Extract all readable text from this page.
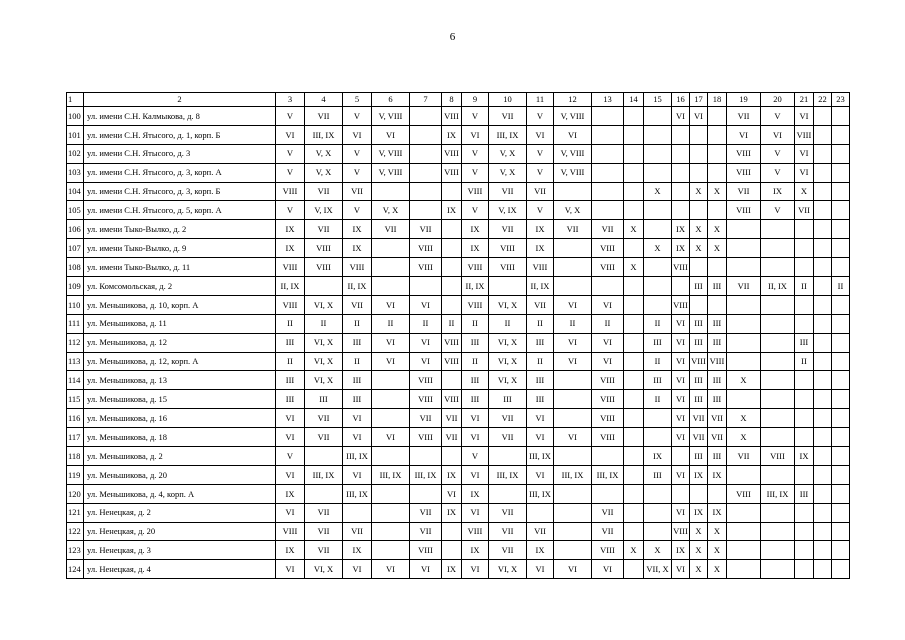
6
1	2	3	4	5	6	7	8	9	10	11	12	13	14	15	16	17	18	19	20	21	22	23
100	ул. имени С.Н. Калмыкова, д. 8	V	VII	V	V, VIII		VIII	V	VII	V	V, VIII				VI	VI		VII	V	VI		
101	ул. имени С.Н. Ятысого, д. 1, корп. Б	VI	III, IX	VI	VI		IX	VI	III, IX	VI	VI							VI	VI	VIII		
102	ул. имени С.Н. Ятысого, д. 3	V	V, X	V	V, VIII		VIII	V	V, X	V	V, VIII							VIII	V	VI		
103	ул. имени С.Н. Ятысого, д. 3, корп. А	V	V, X	V	V, VIII		VIII	V	V, X	V	V, VIII							VIII	V	VI		
104	ул. имени С.Н. Ятысого, д. 3, корп. Б	VIII	VII	VII				VIII	VII	VII				X		X	X	VII	IX	X		
105	ул. имени С.Н. Ятысого, д. 5, корп. А	V	V, IX	V	V, X		IX	V	V, IX	V	V, X							VIII	V	VII		
106	ул. имени Тыко-Вылко, д. 2	IX	VII	IX	VII	VII		IX	VII	IX	VII	VII	X		IX	X	X					
107	ул. имени Тыко-Вылко, д. 9	IX	VIII	IX		VIII		IX	VIII	IX		VIII		X	IX	X	X					
108	ул. имени Тыко-Вылко, д. 11	VIII	VIII	VIII		VIII		VIII	VIII	VIII		VIII	X		VIII							
109	ул. Комсомольская, д. 2	II, IX		II, IX				II, IX		II, IX						III	III	VII	II, IX	II		II
110	ул. Меньшикова, д. 10, корп. А	VIII	VI, X	VII	VI	VI		VIII	VI, X	VII	VI	VI			VIII							
111	ул. Меньшикова, д. 11	II	II	II	II	II	II	II	II	II	II	II		II	VI	III	III					
112	ул. Меньшикова, д. 12	III	VI, X	III	VI	VI	VIII	III	VI, X	III	VI	VI		III	VI	III	III			III		
113	ул. Меньшикова, д. 12, корп. А	II	VI, X	II	VI	VI	VIII	II	VI, X	II	VI	VI		II	VI	VIII	VIII			II		
114	ул. Меньшикова, д. 13	III	VI, X	III		VIII		III	VI, X	III		VIII		III	VI	III	III	X				
115	ул. Меньшикова, д. 15	III	III	III		VIII	VIII	III	III	III		VIII		II	VI	III	III					
116	ул. Меньшикова, д. 16	VI	VII	VI		VII	VII	VI	VII	VI		VIII			VI	VII	VII	X				
117	ул. Меньшикова, д. 18	VI	VII	VI	VI	VIII	VII	VI	VII	VI	VI	VIII			VI	VII	VII	X				
118	ул. Меньшикова, д. 2	V		III, IX				V		III, IX				IX		III	III	VII	VIII	IX		
119	ул. Меньшикова, д. 20	VI	III, IX	VI	III, IX	III, IX	IX	VI	III, IX	VI	III, IX	III, IX		III	VI	IX	IX					
120	ул. Меньшикова, д. 4, корп. А	IX		III, IX			VI	IX		III, IX								VIII	III, IX	III		
121	ул. Ненецкая, д. 2	VI	VII			VII	IX	VI	VII			VII			VI	IX	IX					
122	ул. Ненецкая, д. 20	VIII	VII	VII		VII		VIII	VII	VII		VII			VIII	X	X					
123	ул. Ненецкая, д. 3	IX	VII	IX		VIII		IX	VII	IX		VIII	X	X	IX	X	X					
124	ул. Ненецкая, д. 4	VI	VI, X	VI	VI	VI	IX	VI	VI, X	VI	VI	VI		VII, X	VI	X	X					
